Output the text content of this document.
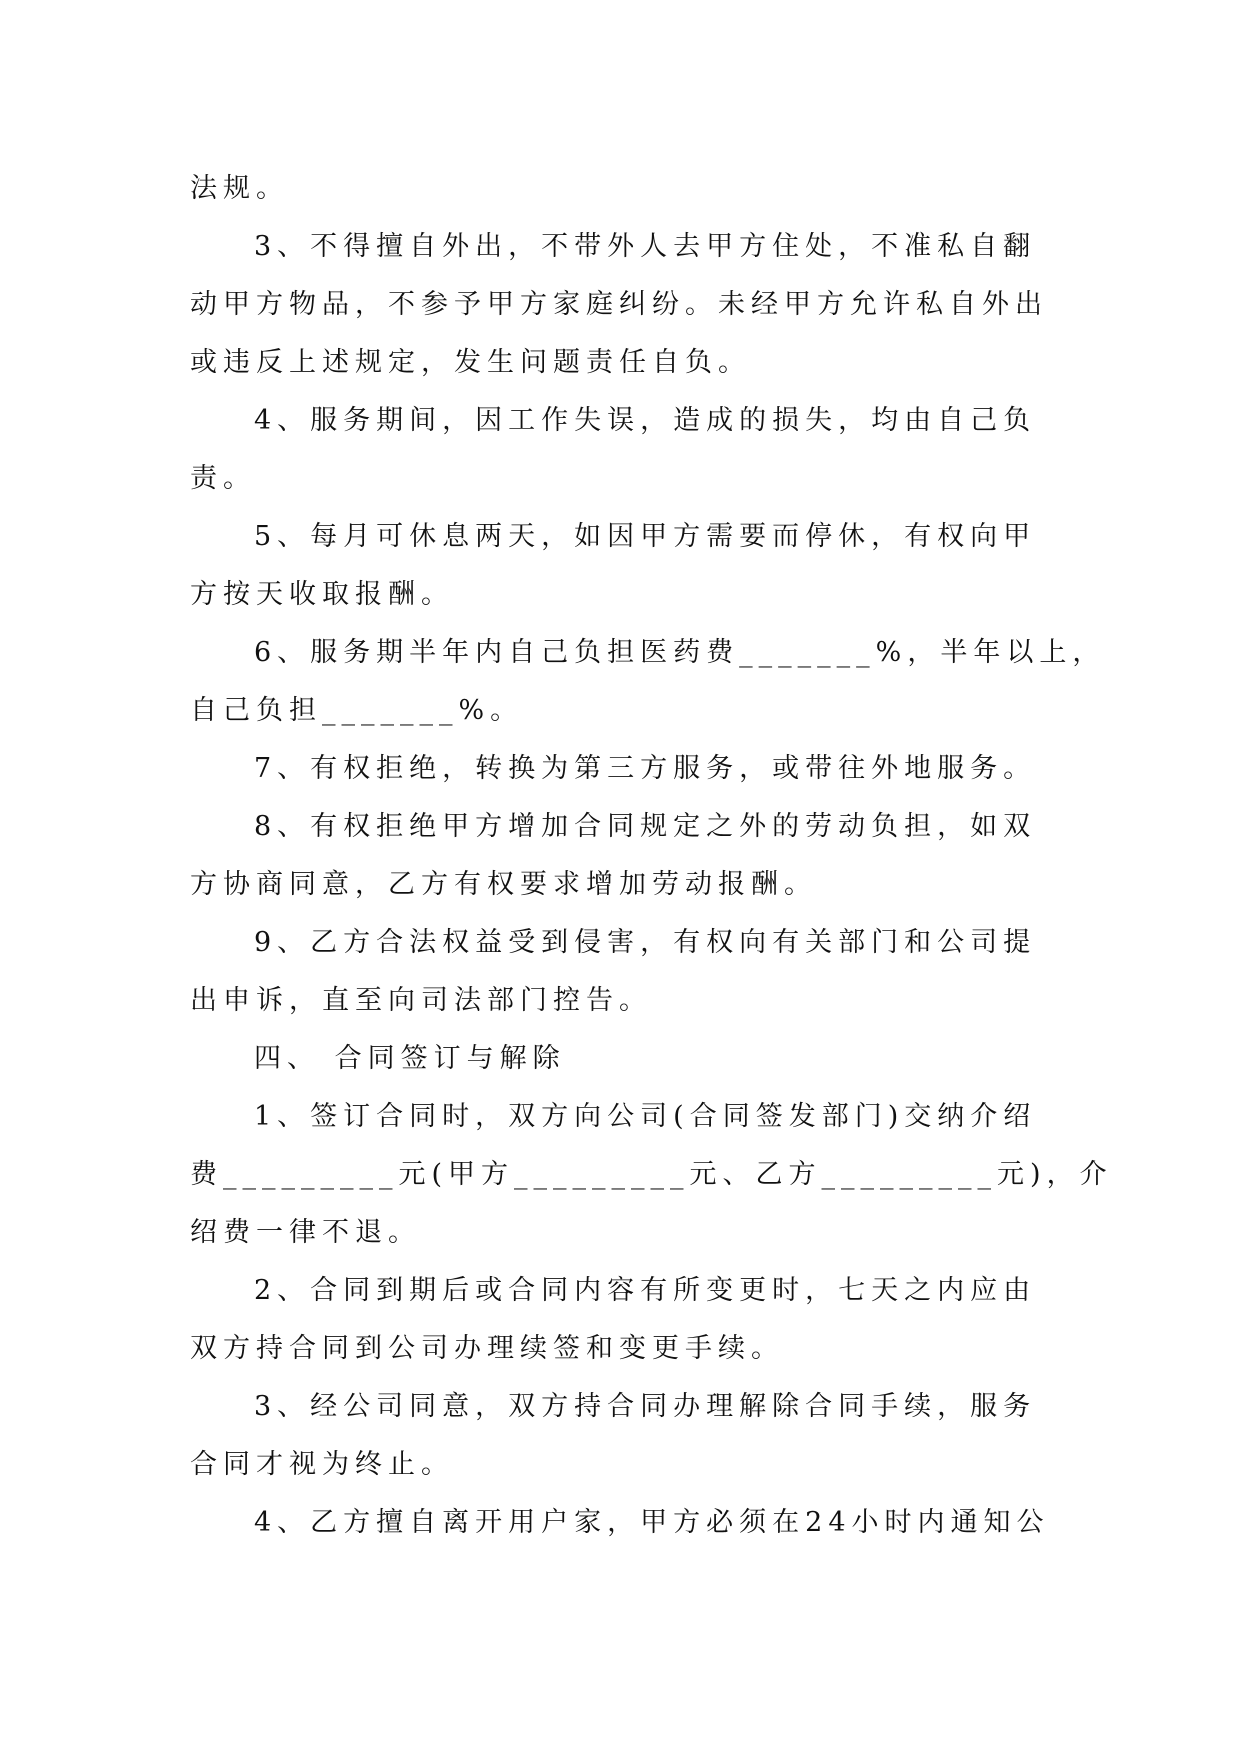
法规。
3、不得擅自外出，不带外人去甲方住处，不准私自翻
动甲方物品，不参予甲方家庭纠纷。未经甲方允许私自外出
或违反上述规定，发生问题责任自负。
4、服务期间，因工作失误，造成的损失，均由自己负
责。
5、每月可休息两天，如因甲方需要而停休，有权向甲
方按天收取报酬。
6、服务期半年内自己负担医药费_______%，半年以上，
自己负担_______%。
7、有权拒绝，转换为第三方服务，或带往外地服务。
8、有权拒绝甲方增加合同规定之外的劳动负担，如双
方协商同意，乙方有权要求增加劳动报酬。
9、乙方合法权益受到侵害，有权向有关部门和公司提
出申诉，直至向司法部门控告。
四、 合同签订与解除
1、签订合同时，双方向公司(合同签发部门)交纳介绍
费_________元(甲方_________元、乙方_________元)，介
绍费一律不退。
2、合同到期后或合同内容有所变更时，七天之内应由
双方持合同到公司办理续签和变更手续。
3、经公司同意，双方持合同办理解除合同手续，服务
合同才视为终止。
4、乙方擅自离开用户家，甲方必须在24小时内通知公
